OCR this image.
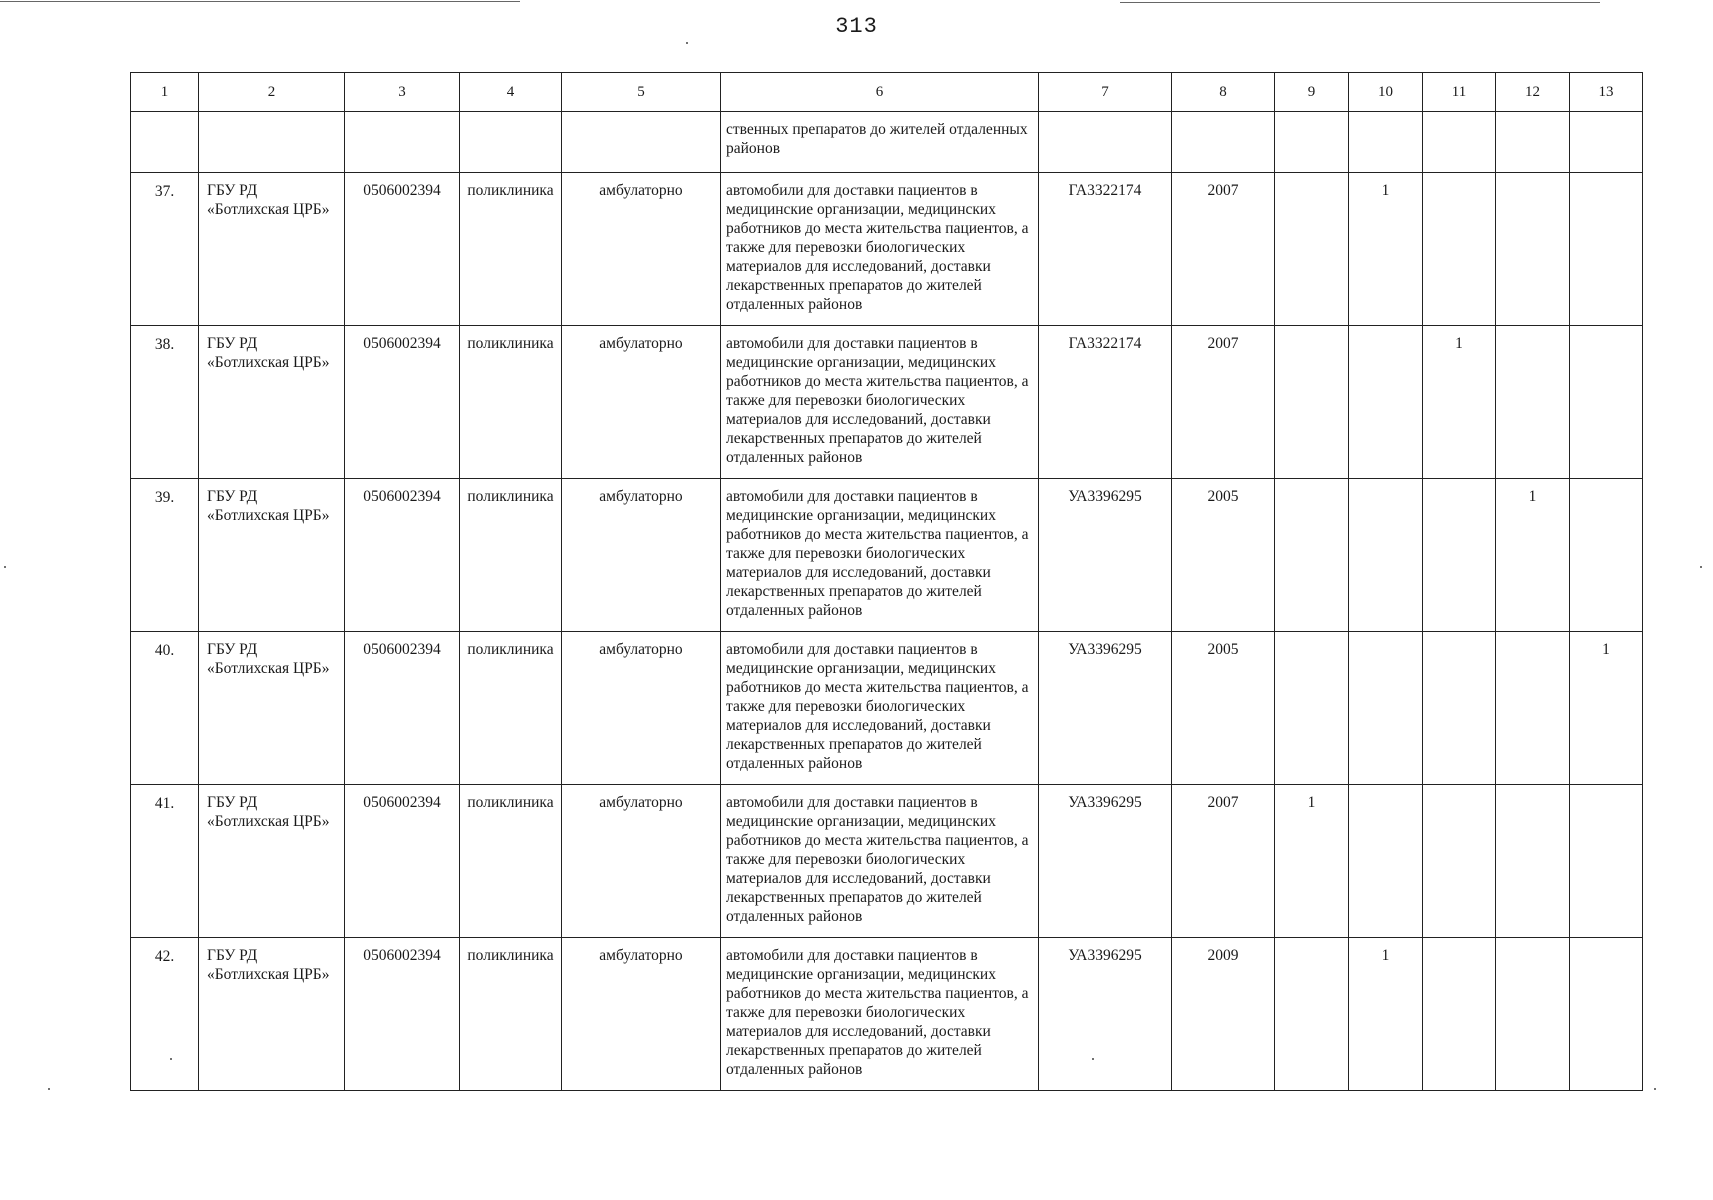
313
1	2	3	4	5	6	7	8	9	10	11	12	13

					ственных препаратов до жителей отдаленных районов							

37.	ГБУ РД «Ботлихская ЦРБ»	0506002394	поликлиника	амбулаторно	автомобили для доставки пациентов в медицинские организации, медицинских работников до места жительства пациентов, а также для перевозки биологических материалов для исследований, доставки лекарственных препаратов до жителей отдаленных районов	ГА3322174	2007		1			

38.	ГБУ РД «Ботлихская ЦРБ»	0506002394	поликлиника	амбулаторно	автомобили для доставки пациентов в медицинские организации, медицинских работников до места жительства пациентов, а также для перевозки биологических материалов для исследований, доставки лекарственных препаратов до жителей отдаленных районов	ГА3322174	2007			1		

39.	ГБУ РД «Ботлихская ЦРБ»	0506002394	поликлиника	амбулаторно	автомобили для доставки пациентов в медицинские организации, медицинских работников до места жительства пациентов, а также для перевозки биологических материалов для исследований, доставки лекарственных препаратов до жителей отдаленных районов	УА3396295	2005				1	

40.	ГБУ РД «Ботлихская ЦРБ»	0506002394	поликлиника	амбулаторно	автомобили для доставки пациентов в медицинские организации, медицинских работников до места жительства пациентов, а также для перевозки биологических материалов для исследований, доставки лекарственных препаратов до жителей отдаленных районов	УА3396295	2005					1

41.	ГБУ РД «Ботлихская ЦРБ»	0506002394	поликлиника	амбулаторно	автомобили для доставки пациентов в медицинские организации, медицинских работников до места жительства пациентов, а также для перевозки биологических материалов для исследований, доставки лекарственных препаратов до жителей отдаленных районов	УА3396295	2007	1				

42.	ГБУ РД «Ботлихская ЦРБ»	0506002394	поликлиника	амбулаторно	автомобили для доставки пациентов в медицинские организации, медицинских работников до места жительства пациентов, а также для перевозки биологических материалов для исследований, доставки лекарственных препаратов до жителей отдаленных районов	УА3396295	2009		1			
